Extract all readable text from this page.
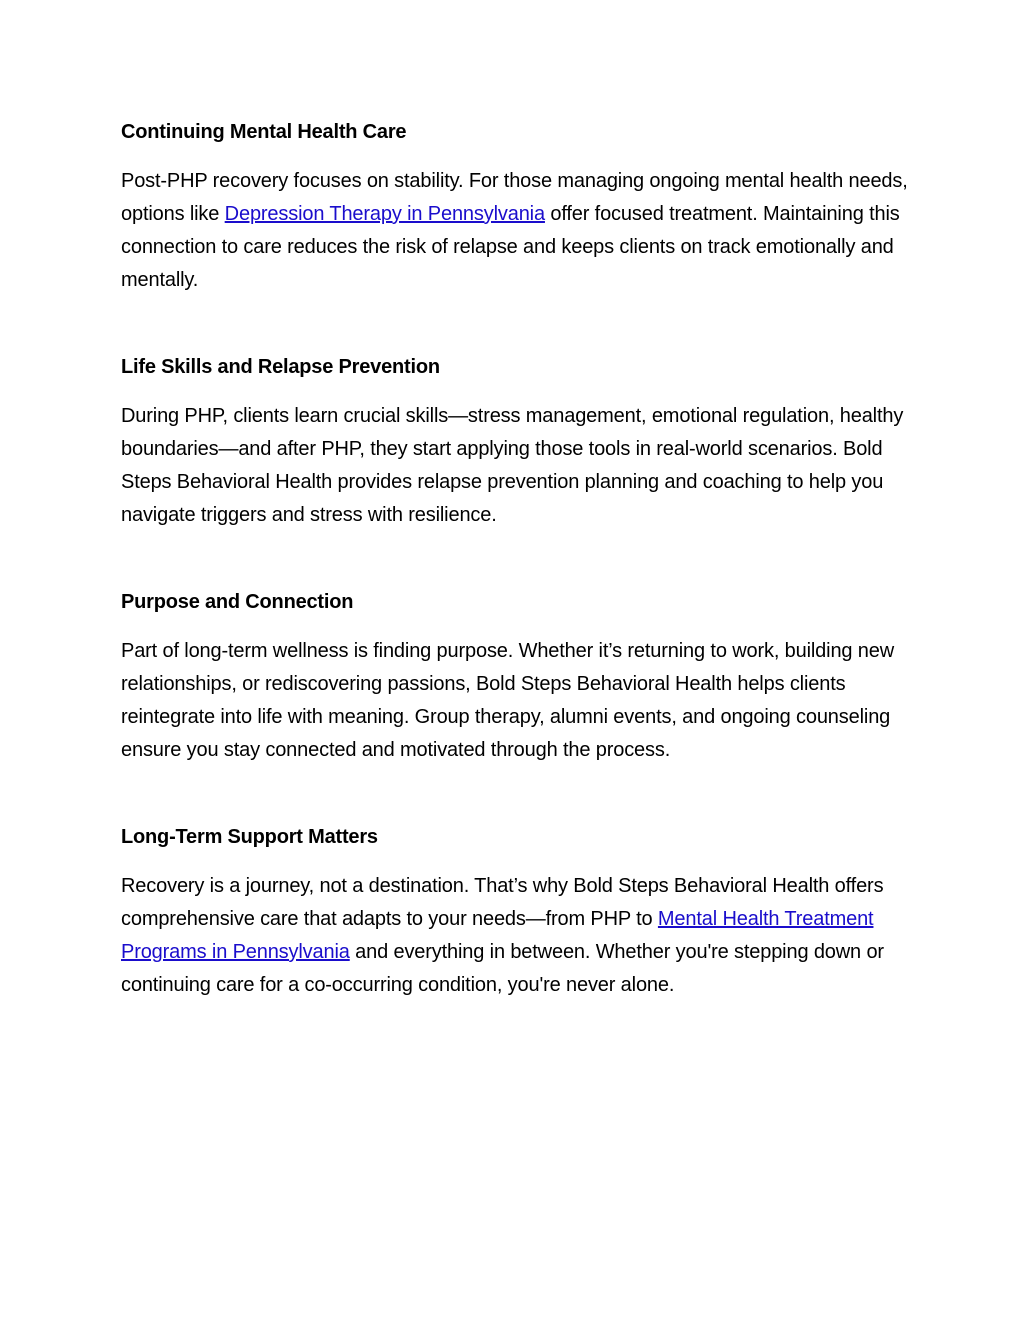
Continuing Mental Health Care

Post-PHP recovery focuses on stability. For those managing ongoing mental health needs, options like Depression Therapy in Pennsylvania offer focused treatment. Maintaining this connection to care reduces the risk of relapse and keeps clients on track emotionally and mentally.

Life Skills and Relapse Prevention

During PHP, clients learn crucial skills—stress management, emotional regulation, healthy boundaries—and after PHP, they start applying those tools in real-world scenarios. Bold Steps Behavioral Health provides relapse prevention planning and coaching to help you navigate triggers and stress with resilience.

Purpose and Connection

Part of long-term wellness is finding purpose. Whether it’s returning to work, building new relationships, or rediscovering passions, Bold Steps Behavioral Health helps clients reintegrate into life with meaning. Group therapy, alumni events, and ongoing counseling ensure you stay connected and motivated through the process.

Long-Term Support Matters

Recovery is a journey, not a destination. That’s why Bold Steps Behavioral Health offers comprehensive care that adapts to your needs—from PHP to Mental Health Treatment Programs in Pennsylvania and everything in between. Whether you're stepping down or continuing care for a co-occurring condition, you're never alone.
